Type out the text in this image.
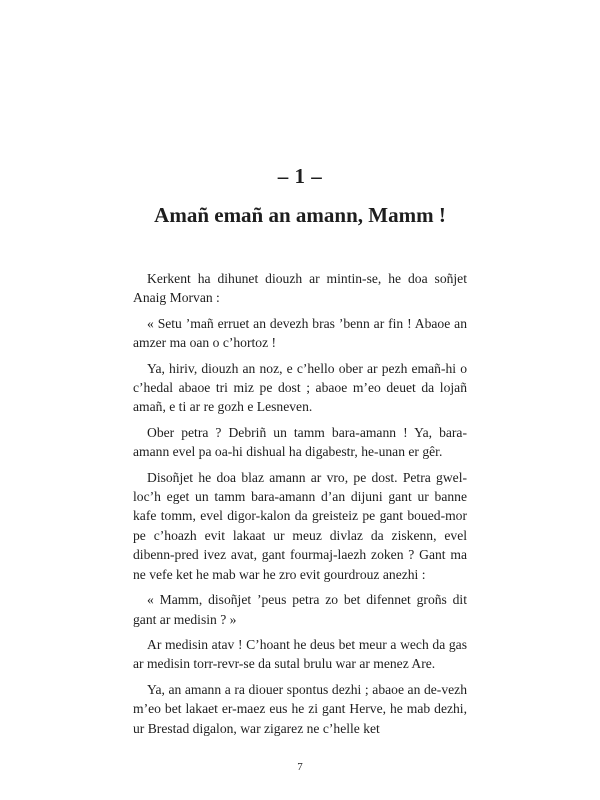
– 1 –
Amañ emañ an amann, Mamm !

Kerkent ha dihunet diouzh ar mintin-se, he doa soñjet Anaig Morvan :

« Setu ’mañ erruet an devezh bras ’benn ar fin ! Abaoe an amzer ma oan o c’hortoz !

Ya, hiriv, diouzh an noz, e c’hello ober ar pezh emañ-hi o c’hedal abaoe tri miz pe dost ; abaoe m’eo deuet da lojañ amañ, e ti ar re gozh e Lesneven.

Ober petra ? Debriñ un tamm bara-amann ! Ya, bara-amann evel pa oa-hi dishual ha digabestr, he-unan er gêr.

Disoñjet he doa blaz amann ar vro, pe dost. Petra gwel-loc’h eget un tamm bara-amann d’an dijuni gant ur banne kafe tomm, evel digor-kalon da greisteiz pe gant boued-mor pe c’hoazh evit lakaat ur meuz divlaz da ziskenn, evel dibenn-pred ivez avat, gant fourmaj-laezh zoken ? Gant ma ne vefe ket he mab war he zro evit gourdrouz anezhi :

« Mamm, disoñjet ’peus petra zo bet difennet groñs dit gant ar medisin ? »

Ar medisin atav ! C’hoant he deus bet meur a wech da gas ar medisin torr-revr-se da sutal brulu war ar menez Are.

Ya, an amann a ra diouer spontus dezhi ; abaoe an de-vezh m’eo bet lakaet er-maez eus he zi gant Herve, he mab dezhi, ur Brestad digalon, war zigarez ne c’helle ket

7
